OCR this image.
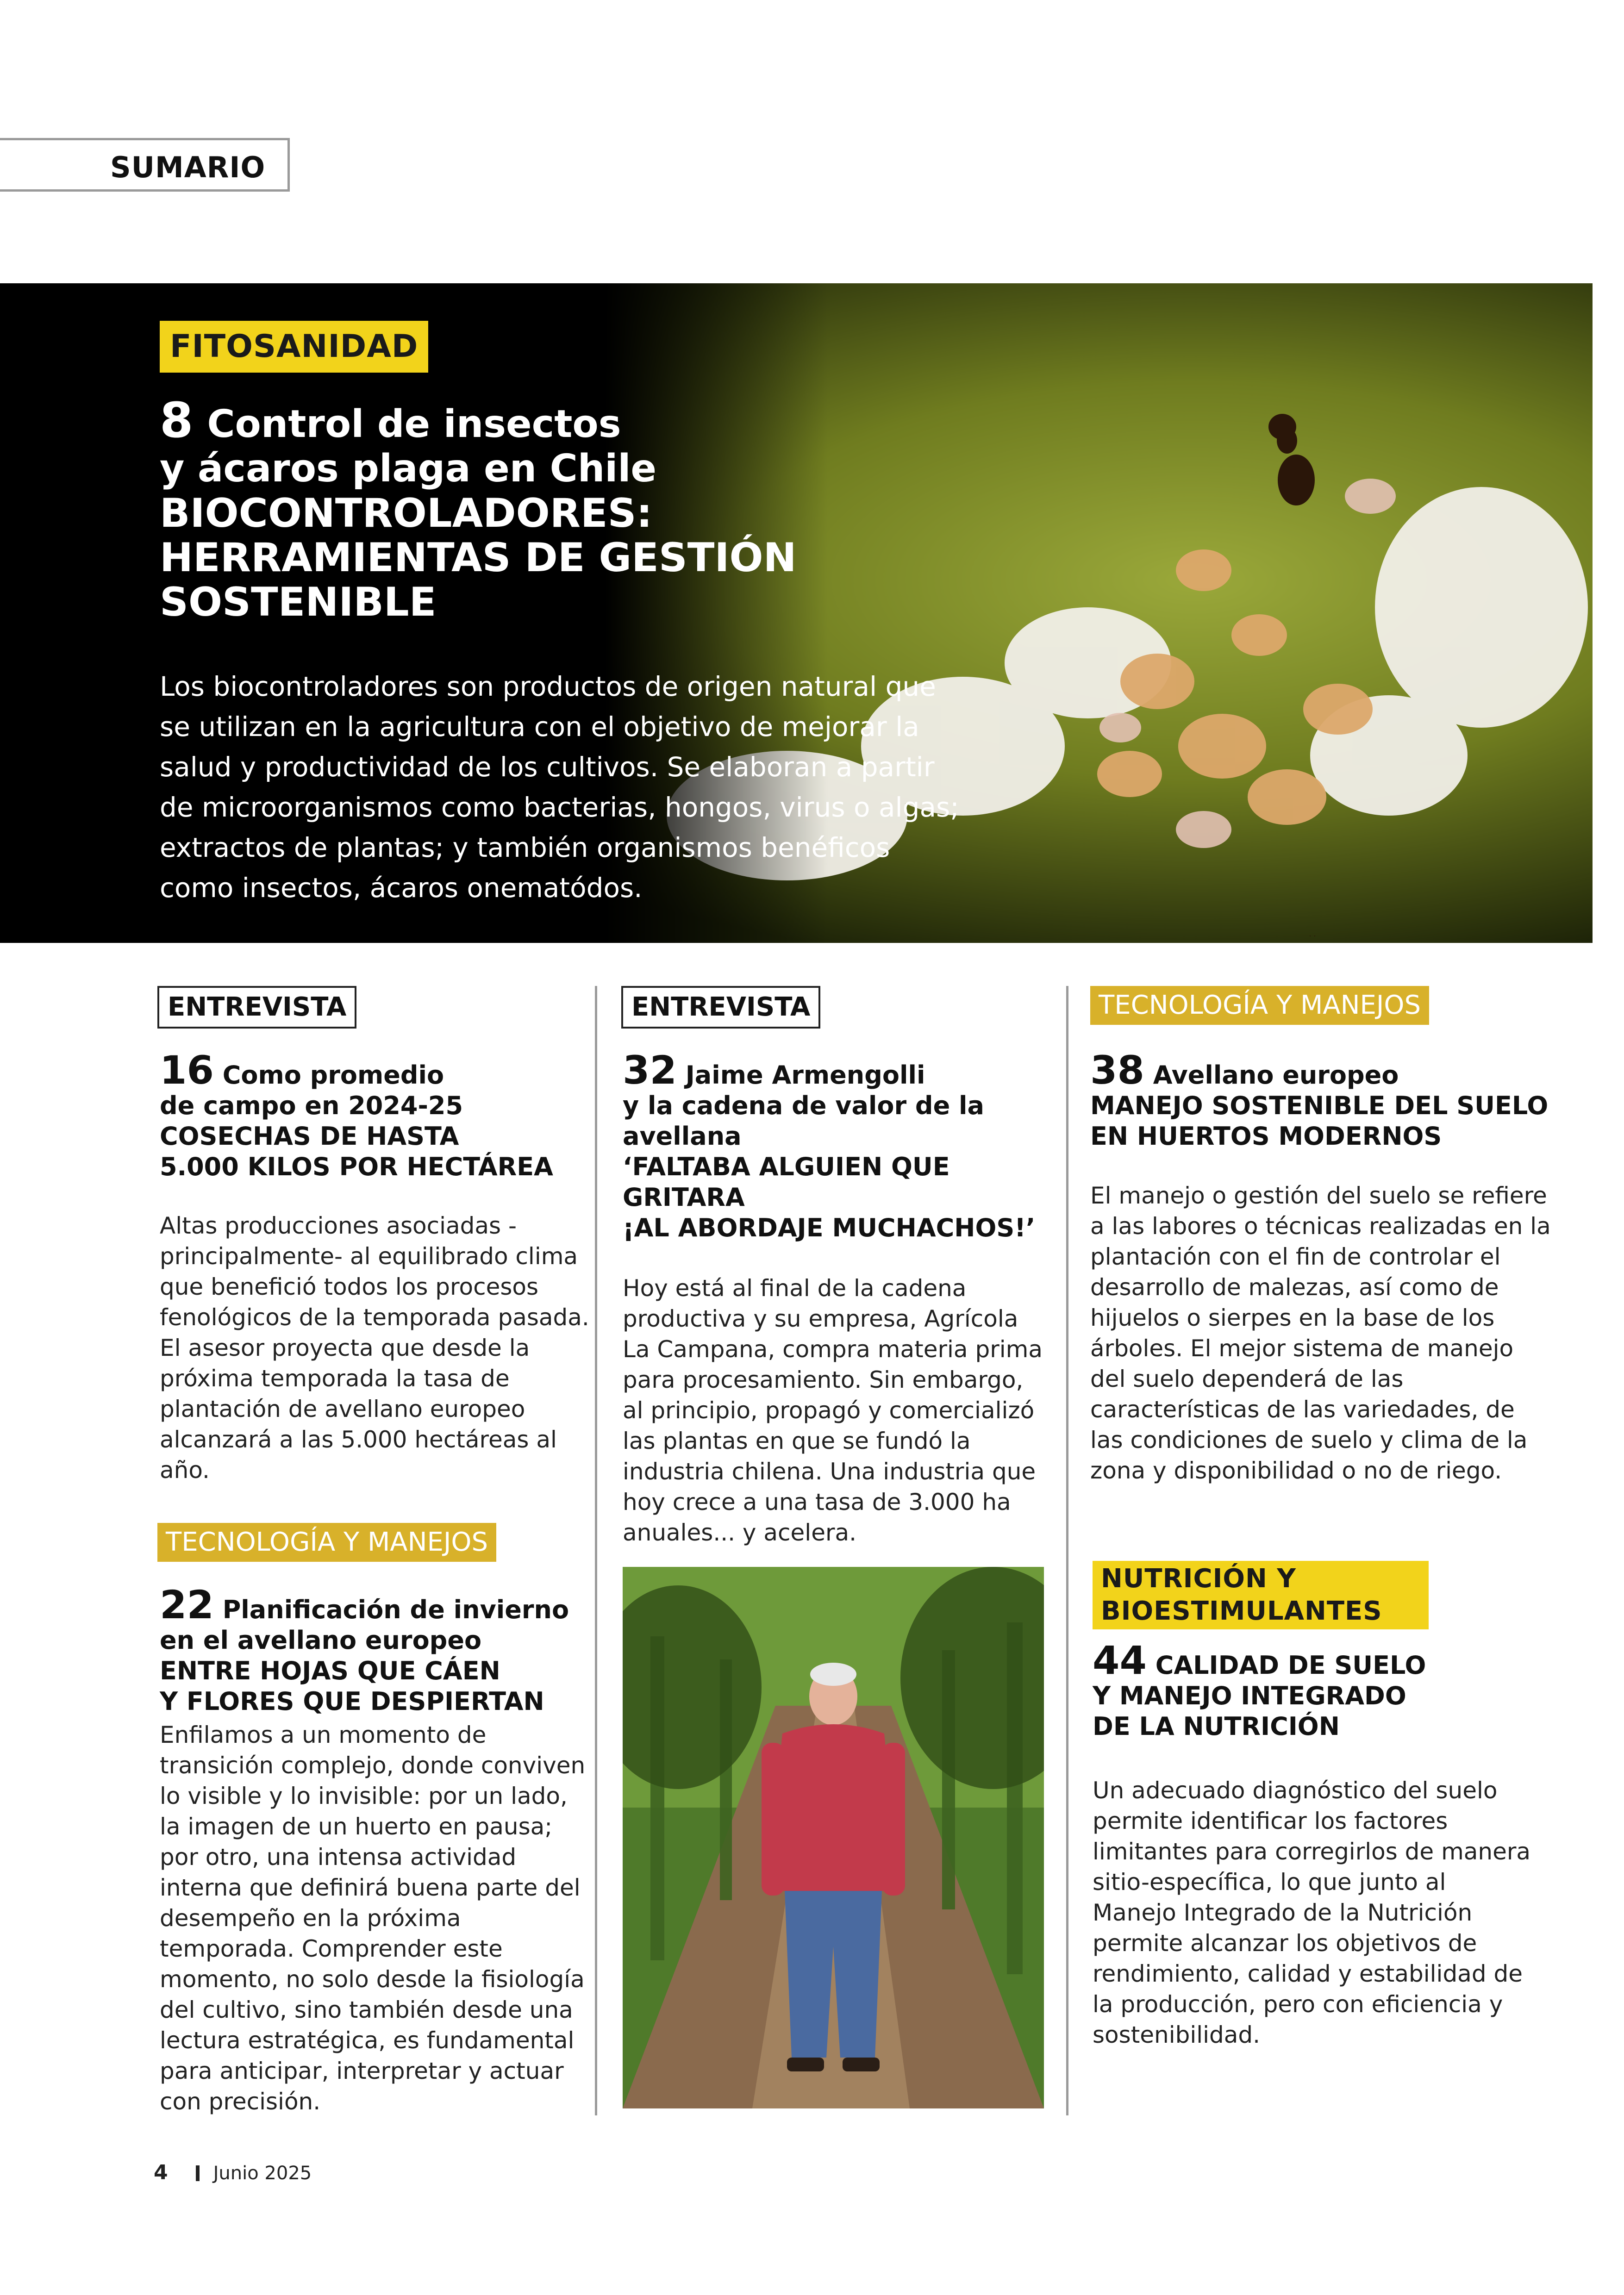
SUMARIO
FITOSANIDAD
8 Control de insectos
y ácaros plaga en Chile
BIOCONTROLADORES:
HERRAMIENTAS DE GESTIÓN
SOSTENIBLE
Los biocontroladores son productos de origen natural que se utilizan en la agricultura con el objetivo de mejorar la salud y productividad de los cultivos. Se elaboran a partir de microorganismos como bacterias, hongos, virus o algas; extractos de plantas; y también organismos benéficos como insectos, ácaros onematódos.
ENTREVISTA
16 Como promedio
de campo en 2024-25
COSECHAS DE HASTA
5.000 KILOS POR HECTÁREA
Altas producciones asociadas -principalmente- al equilibrado clima que benefició todos los procesos fenológicos de la temporada pasada. El asesor proyecta que desde la próxima temporada la tasa de plantación de avellano europeo alcanzará a las 5.000 hectáreas al año.
TECNOLOGÍA Y MANEJOS
22 Planificación de invierno
en el avellano europeo
ENTRE HOJAS QUE CÁEN
Y FLORES QUE DESPIERTAN
Enfilamos a un momento de transición complejo, donde conviven lo visible y lo invisible: por un lado, la imagen de un huerto en pausa; por otro, una intensa actividad interna que definirá buena parte del desempeño en la próxima temporada. Comprender este momento, no solo desde la fisiología del cultivo, sino también desde una lectura estratégica, es fundamental para anticipar, interpretar y actuar con precisión.
ENTREVISTA
32 Jaime Armengolli
y la cadena de valor de la avellana
‘FALTABA ALGUIEN QUE GRITARA
¡AL ABORDAJE MUCHACHOS!’
Hoy está al final de la cadena productiva y su empresa, Agrícola La Campana, compra materia prima para procesamiento. Sin embargo, al principio, propagó y comercializó las plantas en que se fundó la industria chilena. Una industria que hoy crece a una tasa de 3.000 ha anuales... y acelera.
TECNOLOGÍA Y MANEJOS
38 Avellano europeo
MANEJO SOSTENIBLE DEL SUELO
EN HUERTOS MODERNOS
El manejo o gestión del suelo se refiere a las labores o técnicas realizadas en la plantación con el fin de controlar el desarrollo de malezas, así como de hijuelos o sierpes en la base de los árboles. El mejor sistema de manejo del suelo dependerá de las características de las variedades, de las condiciones de suelo y clima de la zona y disponibilidad o no de riego.
NUTRICIÓN Y
BIOESTIMULANTES
44 CALIDAD DE SUELO
Y MANEJO INTEGRADO
DE LA NUTRICIÓN
Un adecuado diagnóstico del suelo permite identificar los factores limitantes para corregirlos de manera sitio-específica, lo que junto al Manejo Integrado de la Nutrición permite alcanzar los objetivos de rendimiento, calidad y estabilidad de la producción, pero con eficiencia y sostenibilidad.
4 Junio 2025
